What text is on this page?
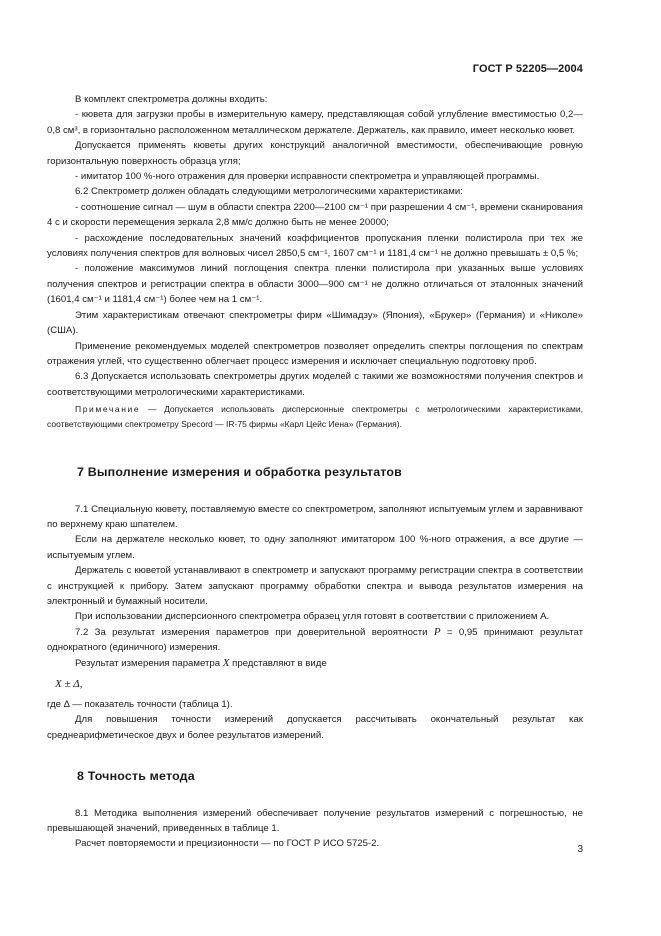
ГОСТ Р 52205—2004

В комплект спектрометра должны входить:

- кювета для загрузки пробы в измерительную камеру, представляющая собой углубление вместимостью 0,2—0,8 см³, в горизонтально расположенном металлическом держателе. Держатель, как правило, имеет несколько кювет.

Допускается применять кюветы других конструкций аналогичной вместимости, обеспечивающие ровную горизонтальную поверхность образца угля;

- имитатор 100 %-ного отражения для проверки исправности спектрометра и управляющей программы.

6.2 Спектрометр должен обладать следующими метрологическими характеристиками:

- соотношение сигнал — шум в области спектра 2200—2100 см⁻¹ при разрешении 4 см⁻¹, времени сканирования 4 с и скорости перемещения зеркала 2,8 мм/с должно быть не менее 20000;

- расхождение последовательных значений коэффициентов пропускания пленки полистирола при тех же условиях получения спектров для волновых чисел 2850,5 см⁻¹, 1607 см⁻¹ и 1181,4 см⁻¹ не должно превышать ± 0,5 %;

- положение максимумов линий поглощения спектра пленки полистирола при указанных выше условиях получения спектров и регистрации спектра в области 3000—900 см⁻¹ не должно отличаться от эталонных значений (1601,4 см⁻¹ и 1181,4 см⁻¹) более чем на 1 см⁻¹.

Этим характеристикам отвечают спектрометры фирм «Шимадзу» (Япония), «Брукер» (Германия) и «Николе» (США).

Применение рекомендуемых моделей спектрометров позволяет определить спектры поглощения по спектрам отражения углей, что существенно облегчает процесс измерения и исключает специальную подготовку проб.

6.3 Допускается использовать спектрометры других моделей с такими же возможностями получения спектров и соответствующими метрологическими характеристиками.

Примечание — Допускается использовать дисперсионные спектрометры с метрологическими характеристиками, соответствующими спектрометру Specord — IR-75 фирмы «Карл Цейс Иена» (Германия).

7 Выполнение измерения и обработка результатов

7.1 Специальную кювету, поставляемую вместе со спектрометром, заполняют испытуемым углем и заравнивают по верхнему краю шпателем.

Если на держателе несколько кювет, то одну заполняют имитатором 100 %-ного отражения, а все другие — испытуемым углем.

Держатель с кюветой устанавливают в спектрометр и запускают программу регистрации спектра в соответствии с инструкцией к прибору. Затем запускают программу обработки спектра и вывода результатов измерения на электронный и бумажный носители.

При использовании дисперсионного спектрометра образец угля готовят в соответствии с приложением А.

7.2 За результат измерения параметров при доверительной вероятности P = 0,95 принимают результат однократного (единичного) измерения.

Результат измерения параметра X представляют в виде

X ± Δ,

где Δ — показатель точности (таблица 1).

Для повышения точности измерений допускается рассчитывать окончательный результат как среднеарифметическое двух и более результатов измерений.

8 Точность метода

8.1 Методика выполнения измерений обеспечивает получение результатов измерений с погрешностью, не превышающей значений, приведенных в таблице 1.

Расчет повторяемости и прецизионности — по ГОСТ Р ИСО 5725-2.

3
